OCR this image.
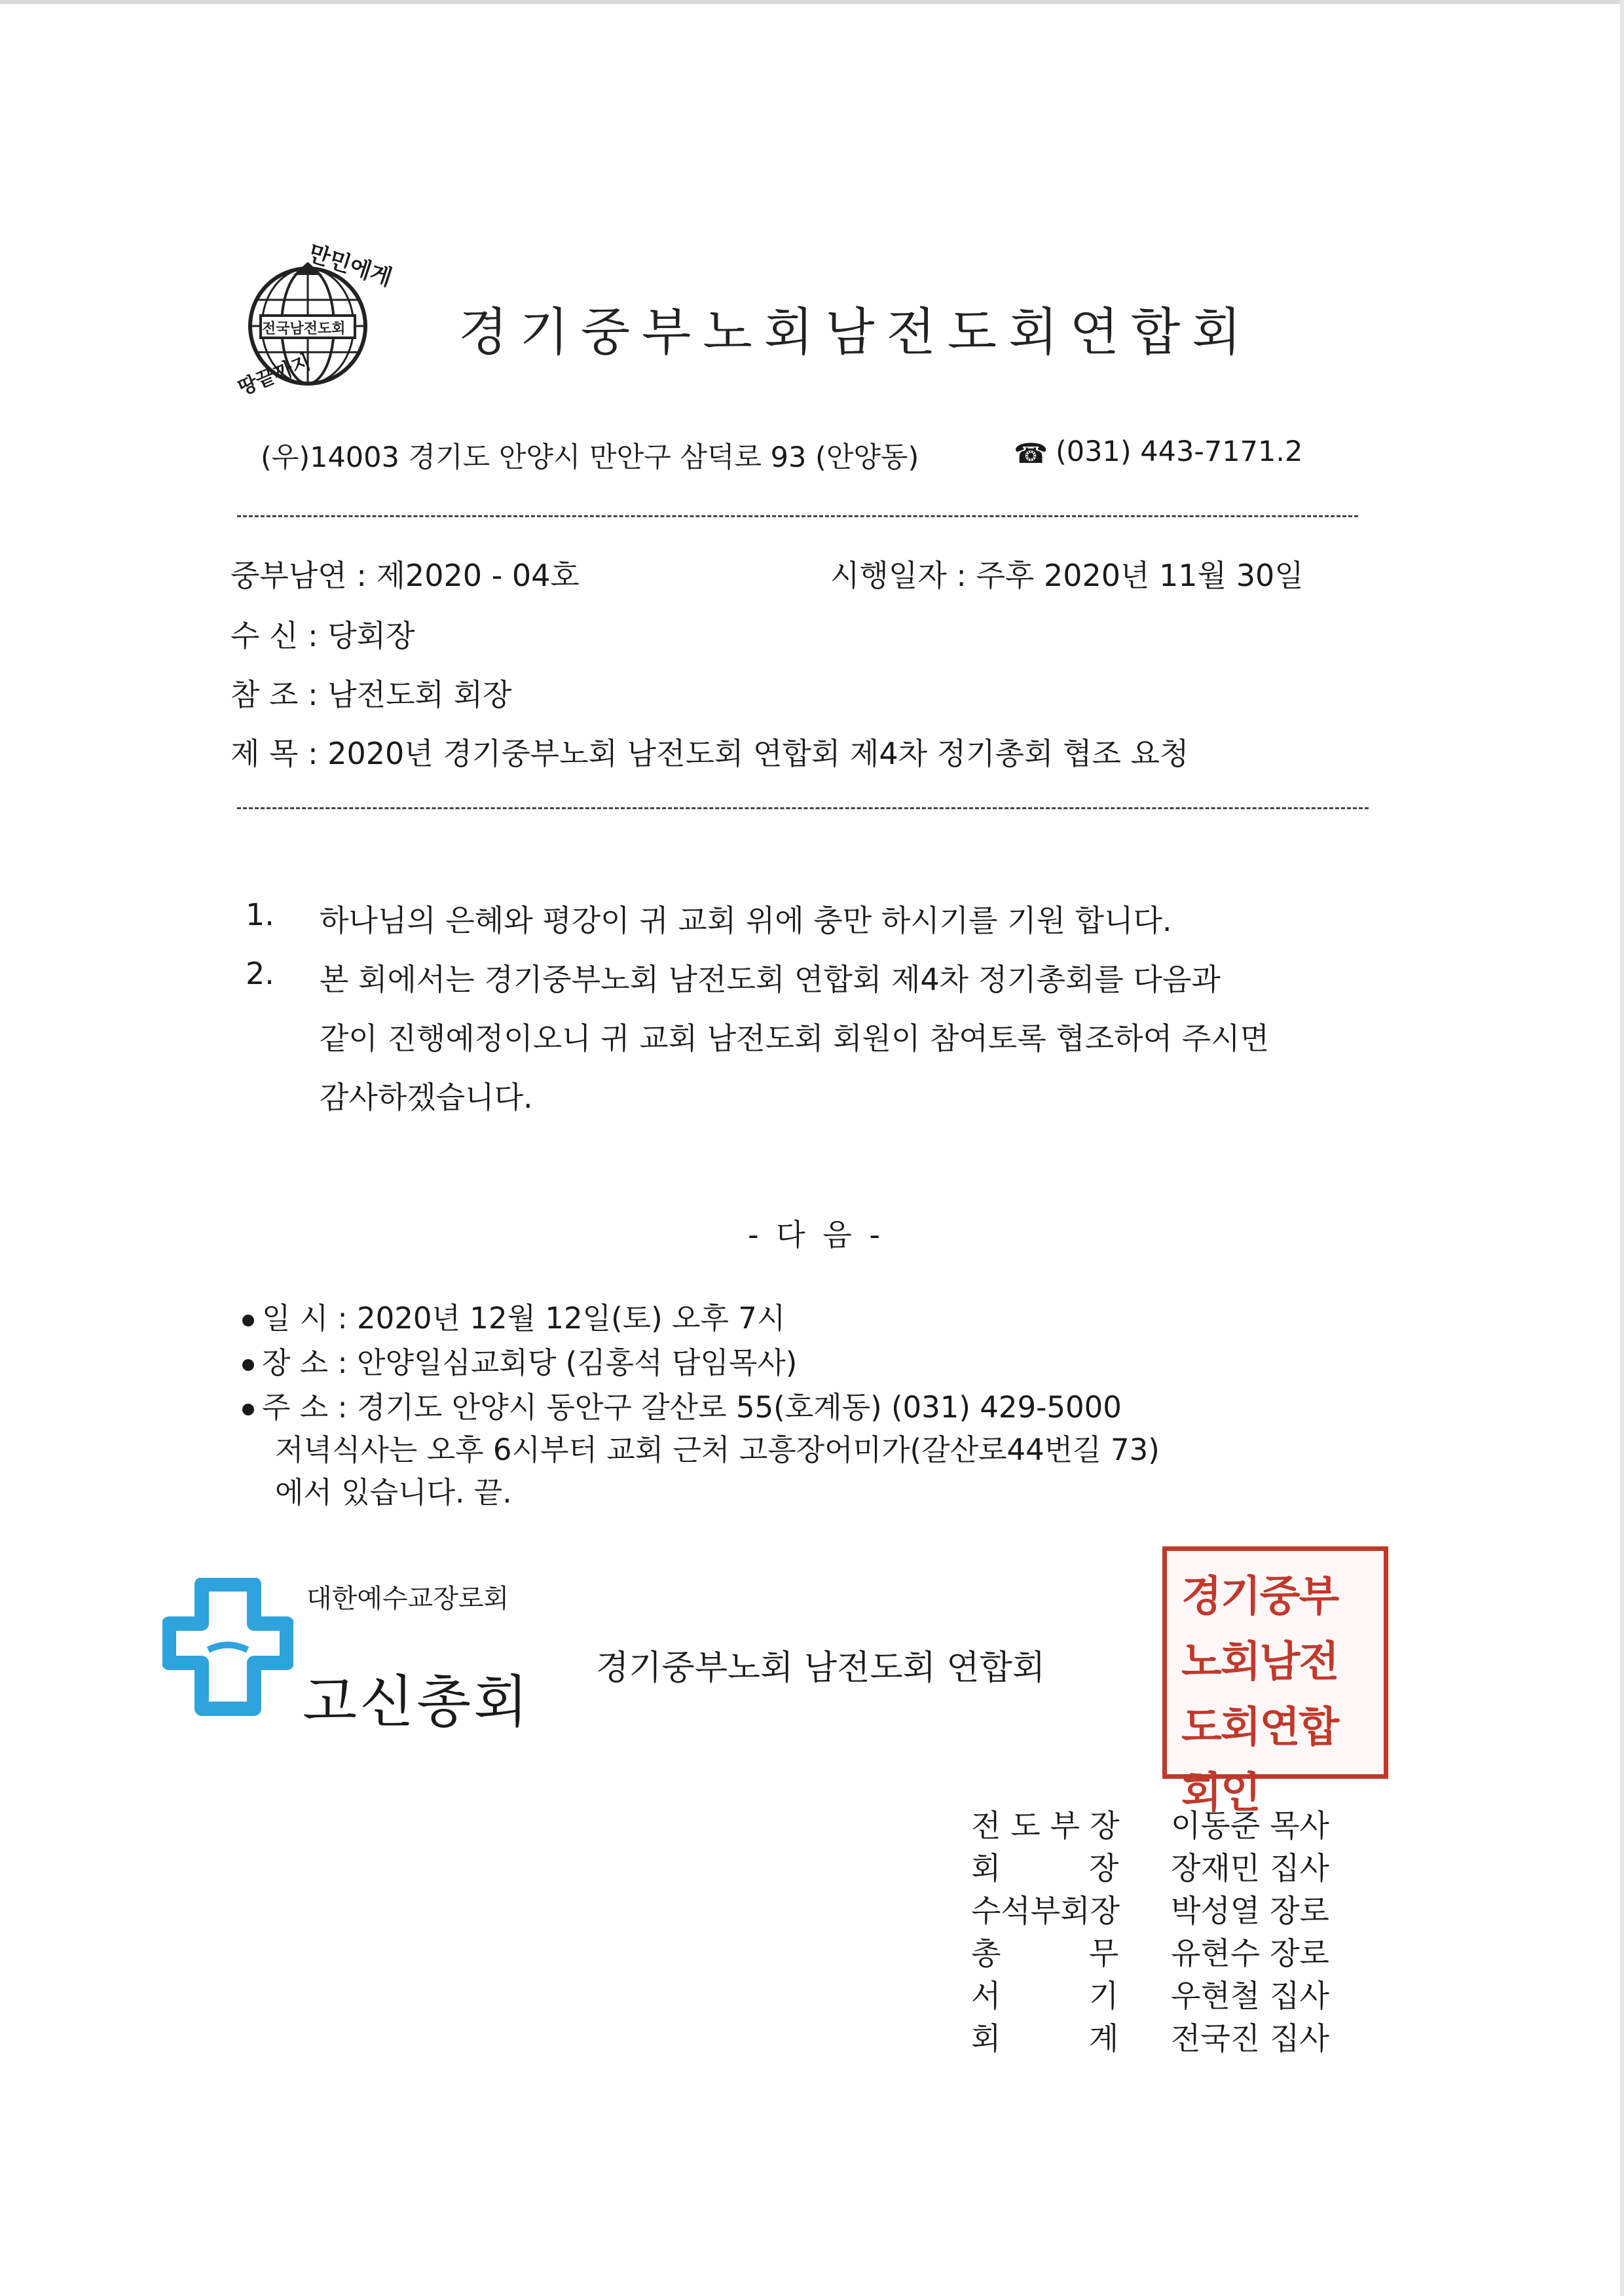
전국남전도회
만민에게
땅끝까지
경기중부노회남전도회연합회
(우)14003 경기도 안양시 만안구 삼덕로 93 (안양동)	☎ (031) 443-7171.2
중부남연 : 제2020 - 04호	시행일자 : 주후 2020년 11월 30일
수 신 : 당회장
참 조 : 남전도회 회장
제 목 : 2020년 경기중부노회 남전도회 연합회 제4차 정기총회 협조 요청
1. 하나님의 은혜와 평강이 귀 교회 위에 충만 하시기를 기원 합니다.
2. 본 회에서는 경기중부노회 남전도회 연합회 제4차 정기총회를 다음과
같이 진행예정이오니 귀 교회 남전도회 회원이 참여토록 협조하여 주시면
감사하겠습니다.
- 다 음 -
일 시 : 2020년 12월 12일(토) 오후 7시
장 소 : 안양일심교회당 (김홍석 담임목사)
주 소 : 경기도 안양시 동안구 갈산로 55(호계동) (031) 429-5000
저녁식사는 오후 6시부터 교회 근처 고흥장어미가(갈산로44번길 73)
에서 있습니다. 끝.
대한예수교장로회
고신총회
경기중부노회 남전도회 연합회
경기중부노회남전도회연합회인
전 도 부 장 이동준 목사
회         장 장재민 집사
수석부회장 박성열 장로
총         무 유현수 장로
서         기 우현철 집사
회         계 전국진 집사
